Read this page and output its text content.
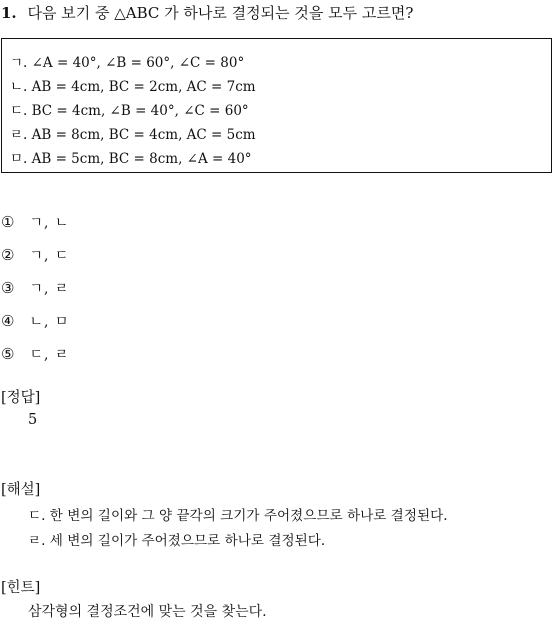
1. 다음 보기 중 △ABC 가 하나로 결정되는 것을 모두 고르면?
ㄱ. ∠A = 40°, ∠B = 60°, ∠C = 80°
ㄴ. AB = 4cm, BC = 2cm, AC = 7cm
ㄷ. BC = 4cm, ∠B = 40°, ∠C = 60°
ㄹ. AB = 8cm, BC = 4cm, AC = 5cm
ㅁ. AB = 5cm, BC = 8cm, ∠A = 40°
① ㄱ, ㄴ
② ㄱ, ㄷ
③ ㄱ, ㄹ
④ ㄴ, ㅁ
⑤ ㄷ, ㄹ
[정답]
5
[해설]
ㄷ. 한 변의 길이와 그 양 끝각의 크기가 주어졌으므로 하나로 결정된다.
ㄹ. 세 변의 길이가 주어졌으므로 하나로 결정된다.
[힌트]
삼각형의 결정조건에 맞는 것을 찾는다.
